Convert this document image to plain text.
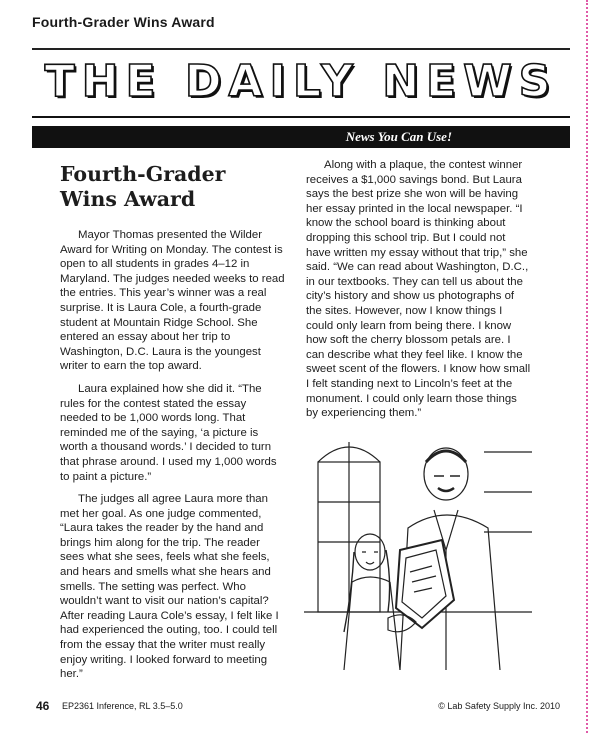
Fourth-Grader Wins Award
THE DAILY NEWS
News You Can Use!
Fourth-Grader
Wins Award

Mayor Thomas presented the Wilder Award for Writing on Monday. The contest is open to all students in grades 4–12 in Maryland. The judges needed weeks to read the entries. This year’s winner was a real surprise. It is Laura Cole, a fourth-grade student at Mountain Ridge School. She entered an essay about her trip to Washington, D.C. Laura is the youngest writer to earn the top award.

Laura explained how she did it. “The rules for the contest stated the essay needed to be 1,000 words long. That reminded me of the saying, ‘a picture is worth a thousand words.’ I decided to turn that phrase around. I used my 1,000 words to paint a picture.”

The judges all agree Laura more than met her goal. As one judge commented, “Laura takes the reader by the hand and brings him along for the trip. The reader sees what she sees, feels what she feels, and hears and smells what she hears and smells. The setting was perfect. Who wouldn’t want to visit our nation’s capital? After reading Laura Cole’s essay, I felt like I had experienced the outing, too. I could tell from the essay that the writer must really enjoy writing. I looked forward to meeting her.”

Along with a plaque, the contest winner receives a $1,000 savings bond. But Laura says the best prize she won will be having her essay printed in the local newspaper. “I know the school board is thinking about dropping this school trip. But I could not have written my essay without that trip,” she said. “We can read about Washington, D.C., in our textbooks. They can tell us about the city’s history and show us photographs of the sites. However, now I know things I could only learn from being there. I know how soft the cherry blossom petals are. I can describe what they feel like. I know the sweet scent of the flowers. I know how small I felt standing next to Lincoln’s feet at the monument. I could only learn those things by experiencing them.”

46 EP2361 Inference, RL 3.5–5.0	© Lab Safety Supply Inc. 2010
